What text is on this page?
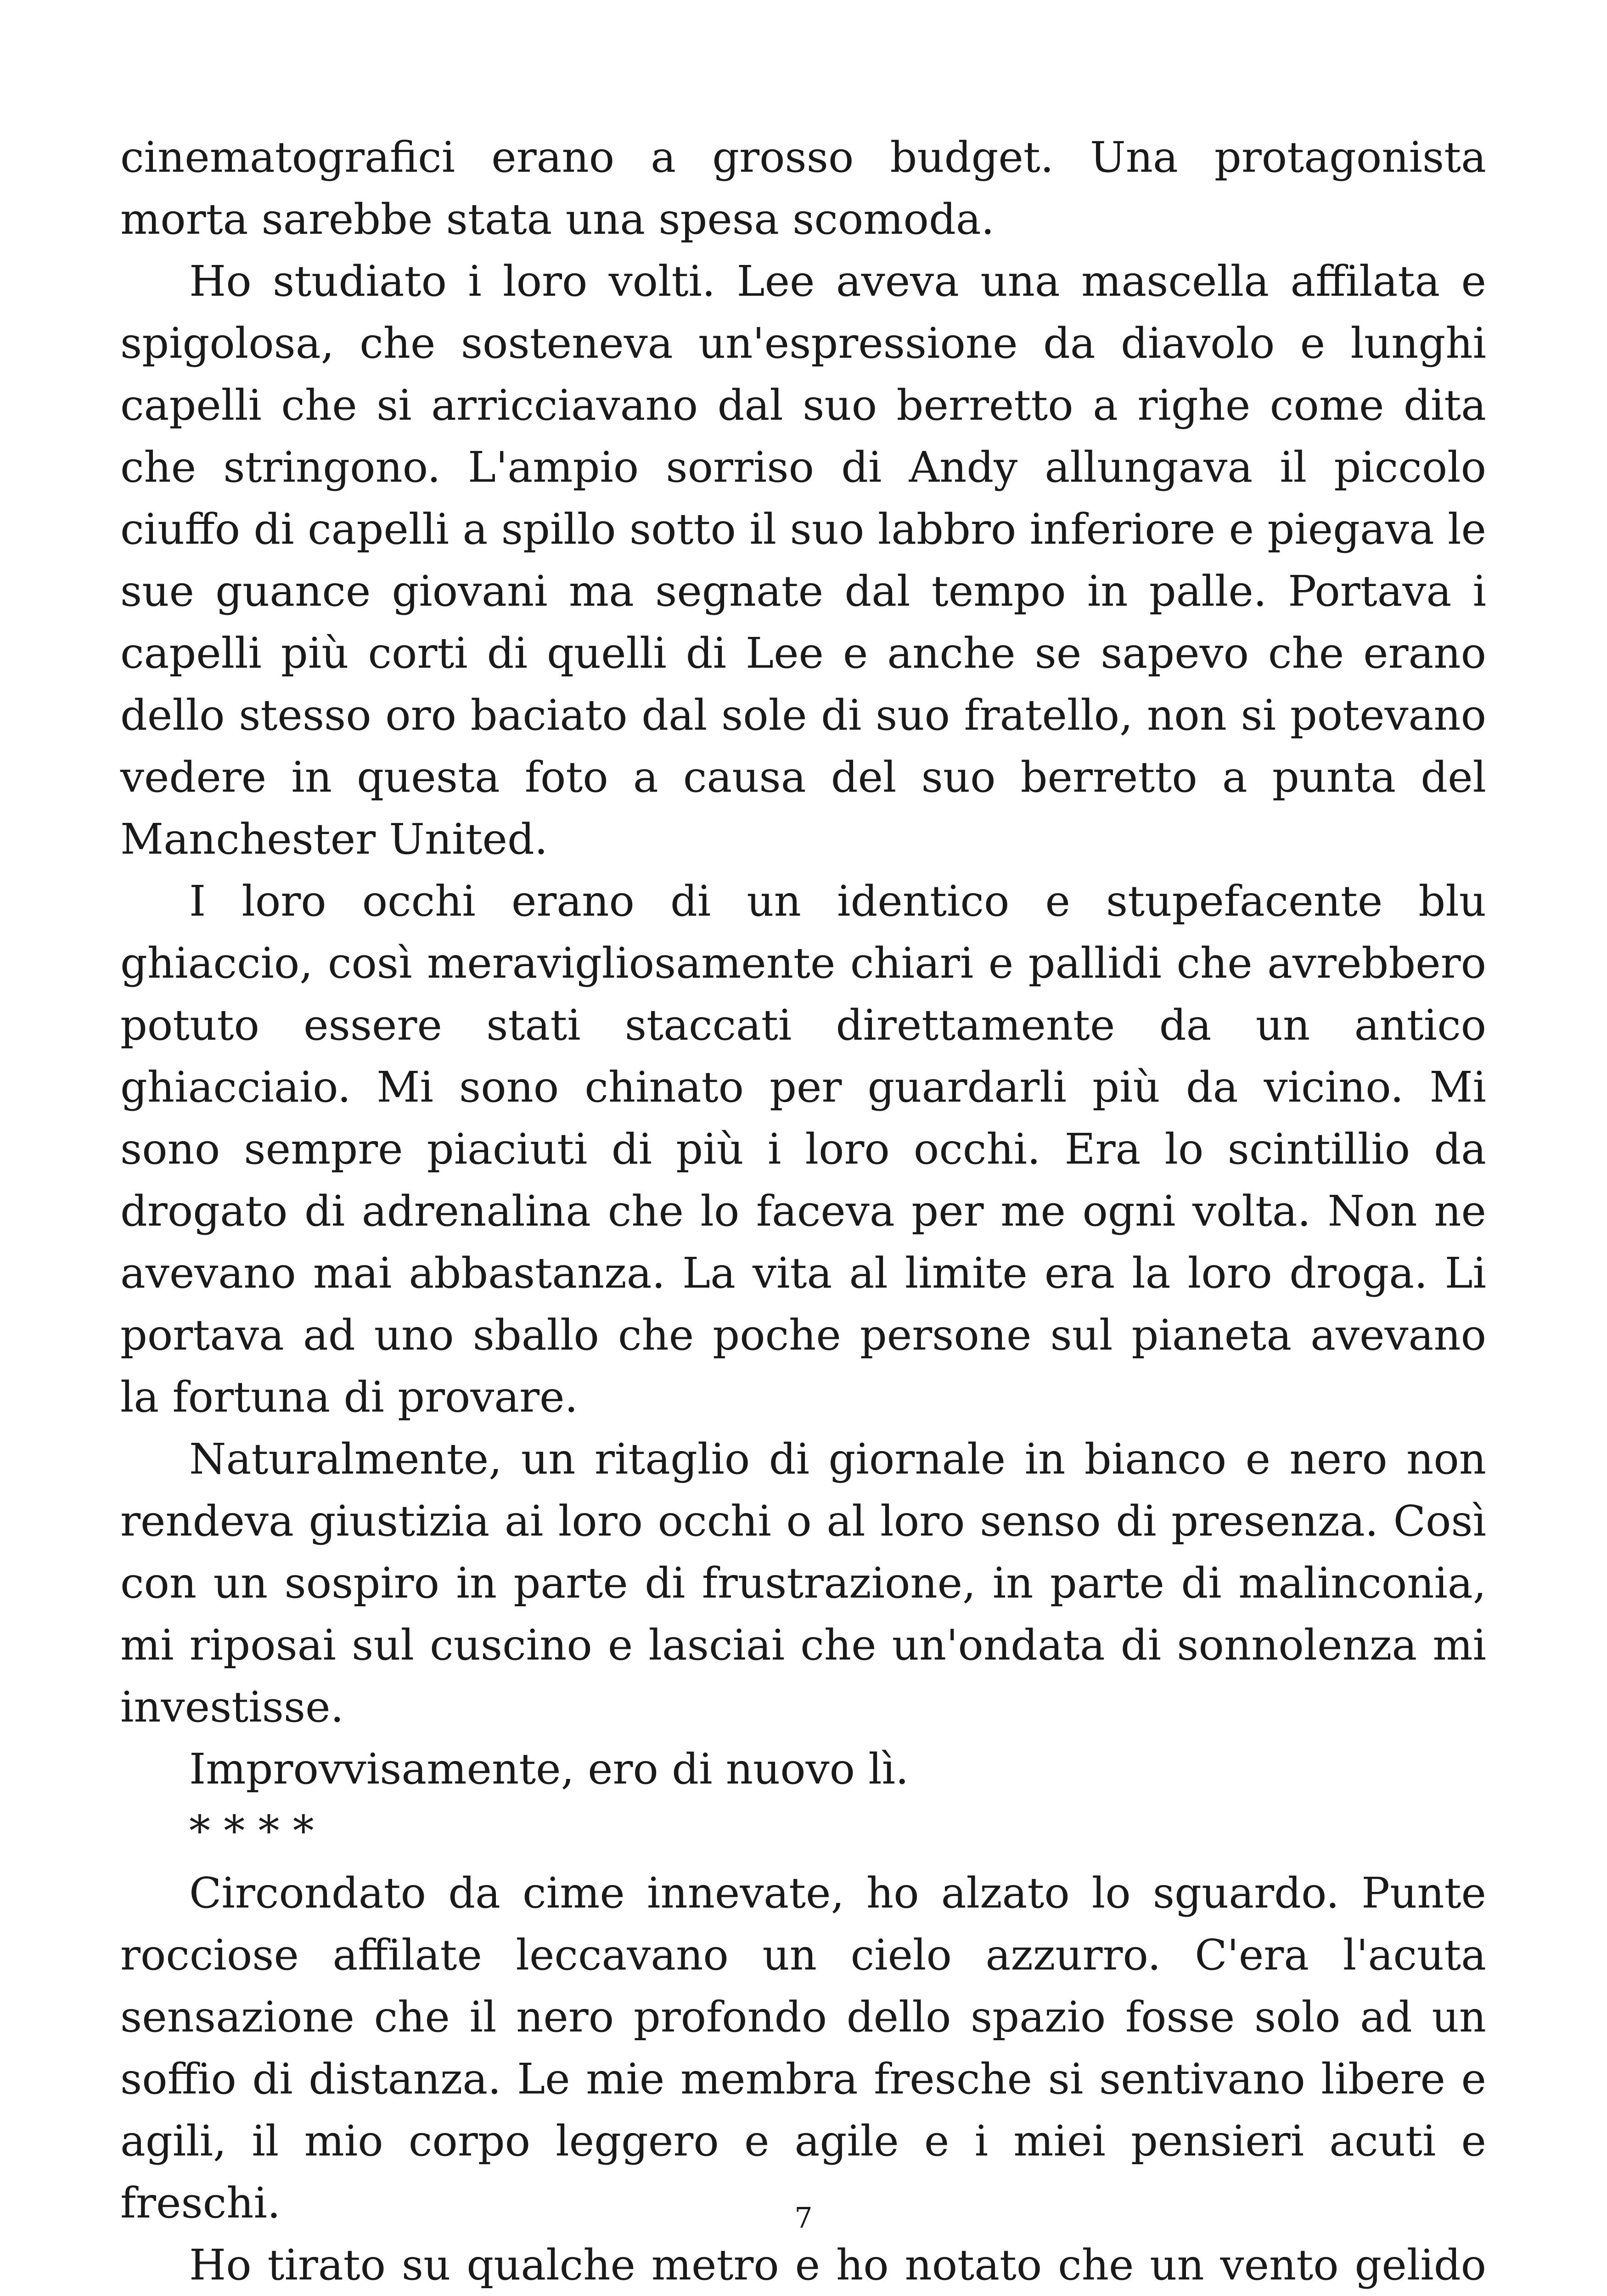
cinematografici erano a grosso budget. Una protagonista morta sarebbe stata una spesa scomoda.

Ho studiato i loro volti. Lee aveva una mascella affilata e spigolosa, che sosteneva un'espressione da diavolo e lunghi capelli che si arricciavano dal suo berretto a righe come dita che stringono. L'ampio sorriso di Andy allungava il piccolo ciuffo di capelli a spillo sotto il suo labbro inferiore e piegava le sue guance giovani ma segnate dal tempo in palle. Portava i capelli più corti di quelli di Lee e anche se sapevo che erano dello stesso oro baciato dal sole di suo fratello, non si potevano vedere in questa foto a causa del suo berretto a punta del Manchester United.

I loro occhi erano di un identico e stupefacente blu ghiaccio, così meravigliosamente chiari e pallidi che avrebbero potuto essere stati staccati direttamente da un antico ghiacciaio. Mi sono chinato per guardarli più da vicino. Mi sono sempre piaciuti di più i loro occhi. Era lo scintillio da drogato di adrenalina che lo faceva per me ogni volta. Non ne avevano mai abbastanza. La vita al limite era la loro droga. Li portava ad uno sballo che poche persone sul pianeta avevano la fortuna di provare.

Naturalmente, un ritaglio di giornale in bianco e nero non rendeva giustizia ai loro occhi o al loro senso di presenza. Così con un sospiro in parte di frustrazione, in parte di malinconia, mi riposai sul cuscino e lasciai che un'ondata di sonnolenza mi investisse.

Improvvisamente, ero di nuovo lì.

* * * *

Circondato da cime innevate, ho alzato lo sguardo. Punte rocciose affilate leccavano un cielo azzurro. C'era l'acuta sensazione che il nero profondo dello spazio fosse solo ad un soffio di distanza. Le mie membra fresche si sentivano libere e agili, il mio corpo leggero e agile e i miei pensieri acuti e freschi.

Ho tirato su qualche metro e ho notato che un vento gelido

7
